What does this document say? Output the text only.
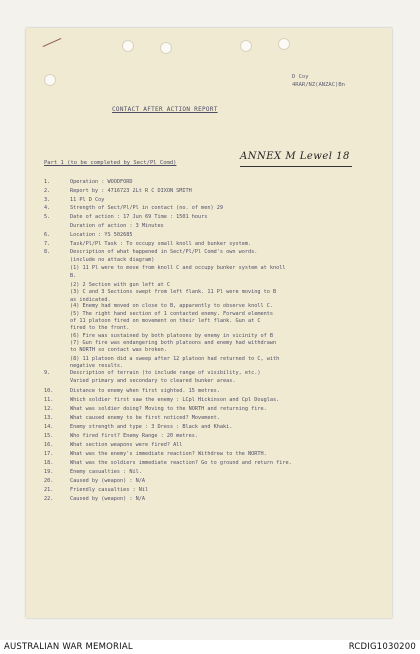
D Coy
4RAR/NZ(ANZAC)Bn
CONTACT AFTER ACTION REPORT
Part 1 (to be completed by Sect/Pl Comd)
ANNEX M Lewel 18
1.	Operation : WOODFORD
2.	Report by : 4716723 2Lt R C DIXON SMITH
3.	11 Pl D Coy
4.	Strength of Sect/Pl/Pl in contact (no. of men) 29
5.	Date of action : 17 Jun 69 Time : 1501 hours
Duration of action : 3 Minutes
6.	Location : YS 502685
7.	Task/Pl/Pl Task : To occupy small knoll and bunker system.
8.	Description of what happened in Sect/Pl/Pl Comd's own words.
(include no attack diagram)
(1) 11 Pl were to move from knoll C and occupy bunker system at knoll
B.
(2) 2 Section with gun left at C
(3) C and 3 Sections swept from left flank. 11 Pl were moving to B
as indicated.
(4) Enemy had moved on close to B, apparently to observe knoll C.
(5) The right hand section of 1 contacted enemy. Forward elements
of 11 platoon fired on movement on their left flank. Gun at C
fired to the front.
(6) Fire was sustained by both platoons by enemy in vicinity of B
(7) Gun fire was endangering both platoons and enemy had withdrawn
to NORTH so contact was broken.
(8) 11 platoon did a sweep after 12 platoon had returned to C, with
negative results.
9.	Description of terrain (to include range of visibility, etc.)
Varied primary and secondary to cleared bunker areas.
10.	Distance to enemy when first sighted. 15 metres.
11.	Which soldier first saw the enemy : LCpl Hickinson and Cpl Douglas.
12.	What was soldier doing? Moving to the NORTH and returning fire.
13.	What caused enemy to be first noticed? Movement.
14.	Enemy strength and type : 3 Dress : Black and Khaki.
15.	Who fired first? Enemy Range : 20 metres.
16.	What section weapons were fired? All
17.	What was the enemy's immediate reaction? Withdrew to the NORTH.
18.	What was the soldiers immediate reaction? Go to ground and return fire.
19.	Enemy casualties : Nil.
20.	Caused by (weapon) : N/A
21.	Friendly casualties : Nil
22.	Caused by (weapon) : N/A
AUSTRALIAN WAR MEMORIAL	RCDIG1030200
